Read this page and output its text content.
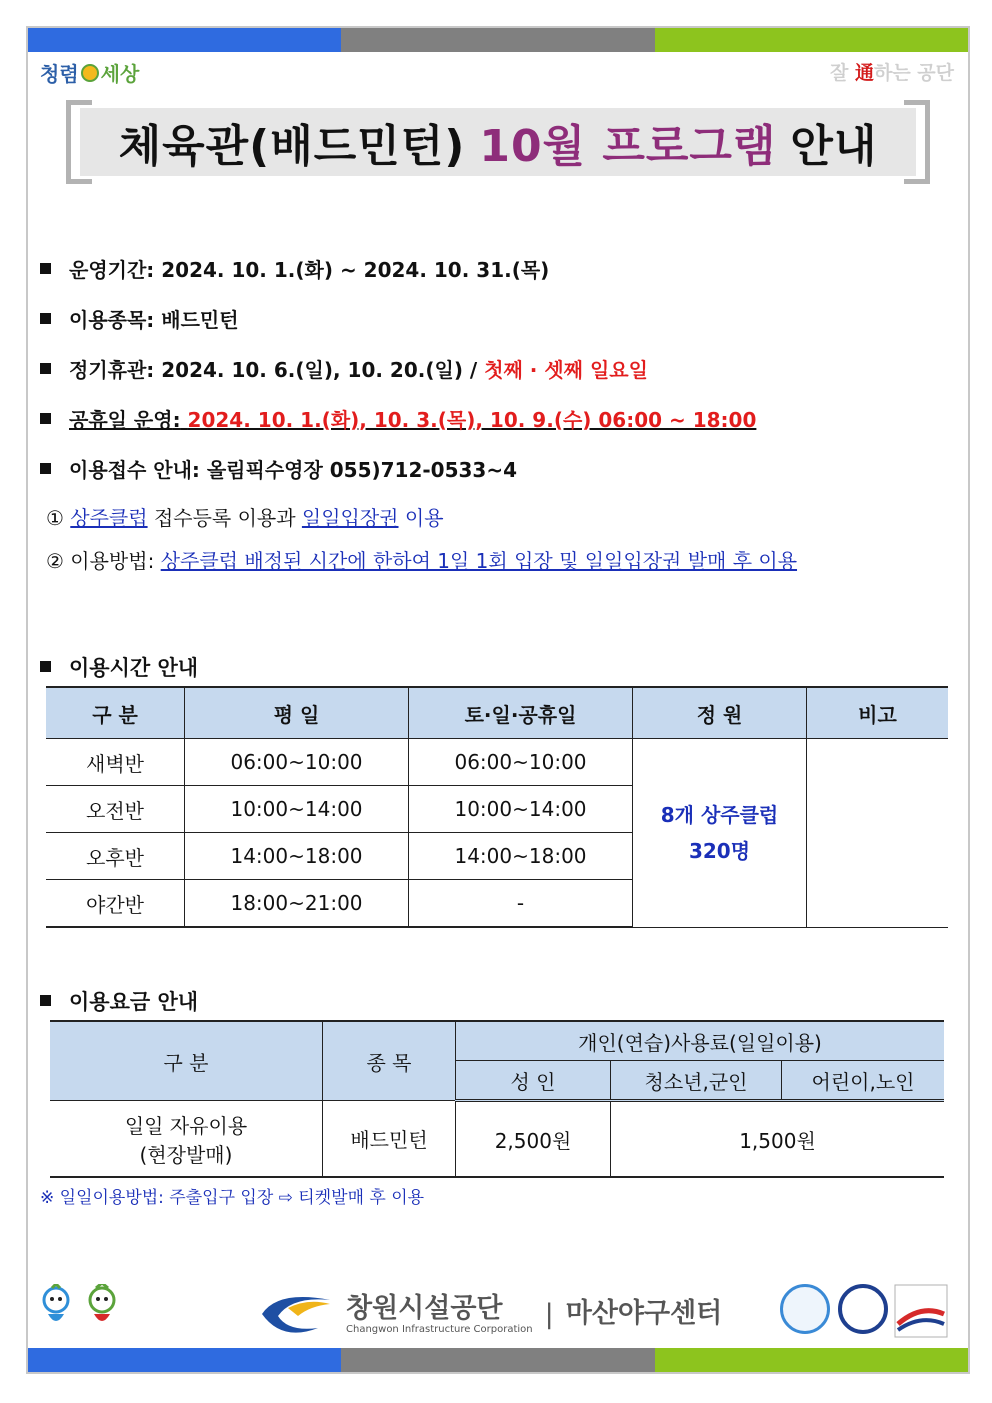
청렴 세상	잘 通하는 공단
체육관(배드민턴) 10월 프로그램 안내
운영기간: 2024. 10. 1.(화) ~ 2024. 10. 31.(목)
이용종목: 배드민턴
정기휴관: 2024. 10. 6.(일), 10. 20.(일) / 첫째 · 셋째 일요일
공휴일 운영: 2024. 10. 1.(화), 10. 3.(목), 10. 9.(수) 06:00 ~ 18:00
이용접수 안내: 올림픽수영장 055)712-0533~4
① 상주클럽 접수등록 이용과 일일입장권 이용
② 이용방법: 상주클럽 배정된 시간에 한하여 1일 1회 입장 및 일일입장권 발매 후 이용
이용시간 안내
구 분	평 일	토·일·공휴일	정 원	비고
새벽반	06:00~10:00	06:00~10:00	8개 상주클럽
320명	

오전반	10:00~14:00	10:00~14:00		
오후반	14:00~18:00	14:00~18:00		
야간반	18:00~21:00	-		
이용요금 안내
구 분	종 목	개인(연습)사용료(일일이용)		
		성 인	청소년,군인	어린이,노인

일일 자유이용
(현장발매)	배드민턴	2,500원	1,500원	
※ 일일이용방법: 주출입구 입장 ⇨ 티켓발매 후 이용
창원시설공단
Changwon Infrastructure Corporation | 마산야구센터
